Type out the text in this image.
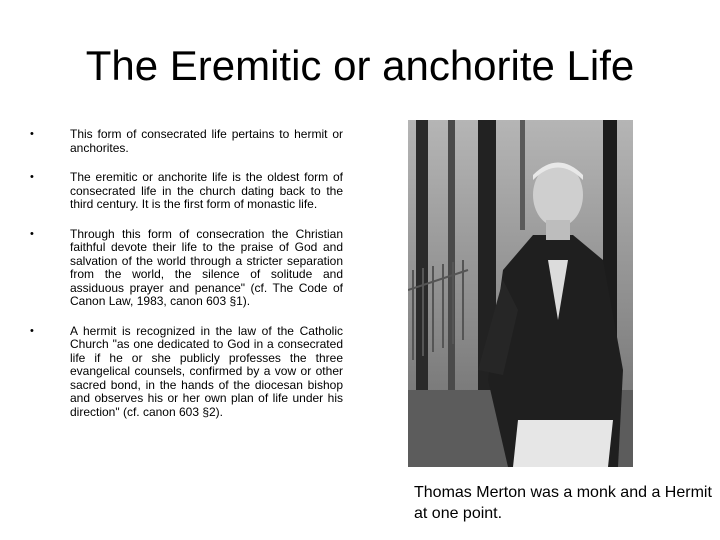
The Eremitic or anchorite Life
•	This form of consecrated life pertains to hermit or anchorites.
•	The eremitic or anchorite life is the oldest form of consecrated life in the church dating back to the third century. It is the first form of monastic life.
•	Through this form of consecration the Christian faithful devote their life to the praise of God and salvation of the world through a stricter separation from the world, the silence of solitude and assiduous prayer and penance" (cf. The Code of Canon Law, 1983, canon 603 §1).
•	A hermit is recognized in the law of the Catholic Church "as one dedicated to God in a consecrated life if he or she publicly professes the three evangelical counsels, confirmed by a vow or other sacred bond, in the hands of the diocesan bishop and observes his or her own plan of life under his direction" (cf. canon 603 §2).
Thomas Merton was a monk and a Hermit at one point.
